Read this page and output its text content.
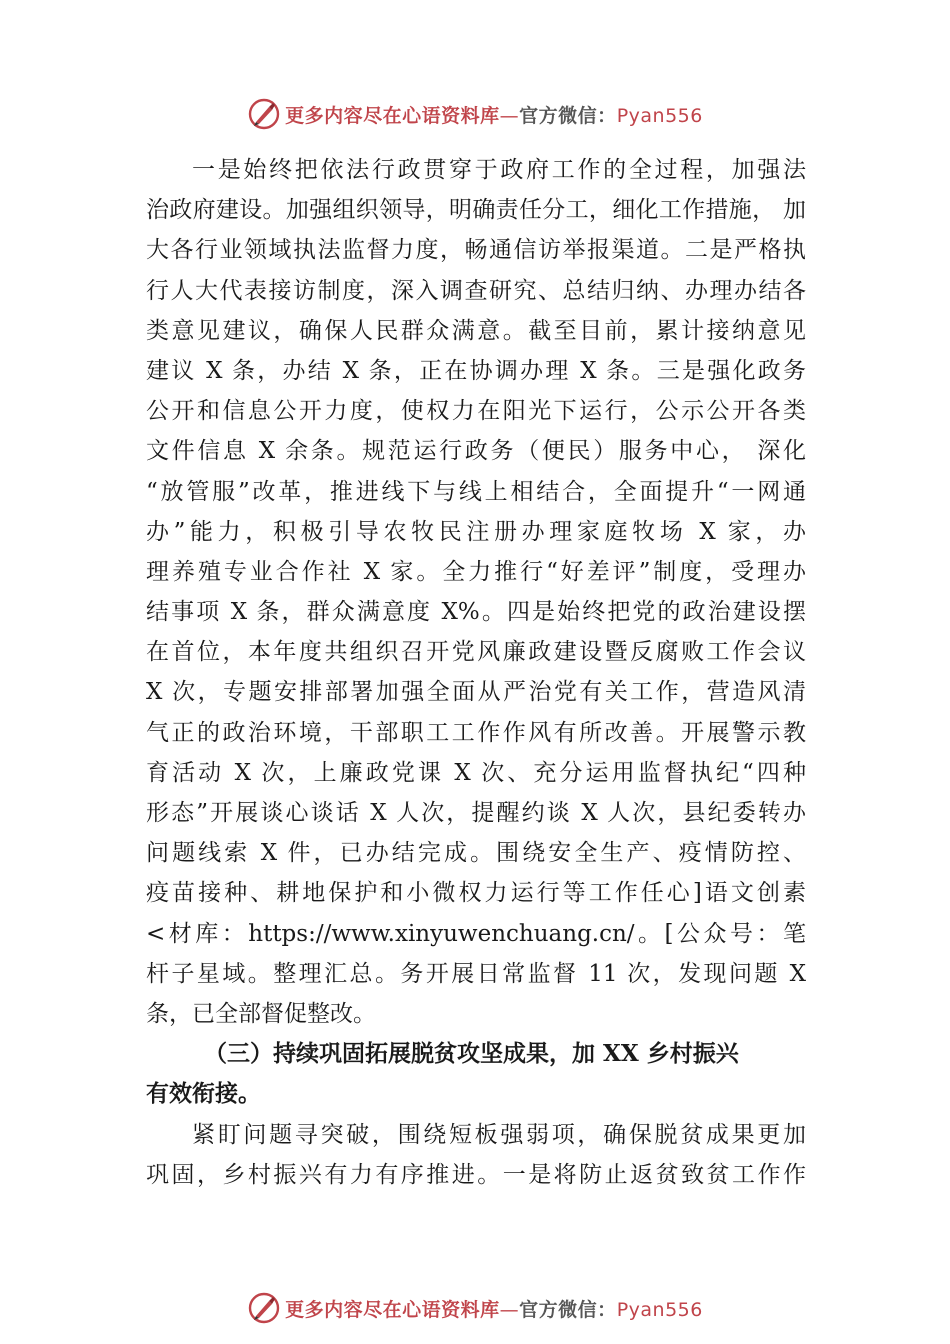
更多内容尽在心语资料库—官方微信：Pyan556
一是始终把依法行政贯穿于政府工作的全过程，加强法
治政府建设。加强组织领导，明确责任分工，细化工作措施， 加
大各行业领域执法监督力度，畅通信访举报渠道。二是严格执
行人大代表接访制度，深入调查研究、总结归纳、办理办结各
类意见建议，确保人民群众满意。截至目前，累计接纳意见
建议 X 条，办结 X 条，正在协调办理 X 条。三是强化政务
公开和信息公开力度，使权力在阳光下运行，公示公开各类
文件信息 X 余条。规范运行政务（便民）服务中心， 深化
“放管服”改革，推进线下与线上相结合，全面提升“一网通
办”能力，积极引导农牧民注册办理家庭牧场 X 家，办
理养殖专业合作社 X 家。全力推行“好差评”制度，受理办
结事项 X 条，群众满意度 X%。四是始终把党的政治建设摆
在首位，本年度共组织召开党风廉政建设暨反腐败工作会议
X 次，专题安排部署加强全面从严治党有关工作，营造风清
气正的政治环境，干部职工工作作风有所改善。开展警示教
育活动 X 次，上廉政党课 X 次、充分运用监督执纪“四种
形态”开展谈心谈话 X 人次，提醒约谈 X 人次，县纪委转办
问题线索 X 件，已办结完成。围绕安全生产、疫情防控、
疫苗接种、耕地保护和小微权力运行等工作任心]语文创素
<材库：https://www.xinyuwenchuang.cn/。[公众号：笔
杆子星域。整理汇总。务开展日常监督 11 次，发现问题 X
条，已全部督促整改。
（三）持续巩固拓展脱贫攻坚成果，加 XX 乡村振兴
有效衔接。
紧盯问题寻突破，围绕短板强弱项，确保脱贫成果更加
巩固，乡村振兴有力有序推进。一是将防止返贫致贫工作作
更多内容尽在心语资料库—官方微信：Pyan556
